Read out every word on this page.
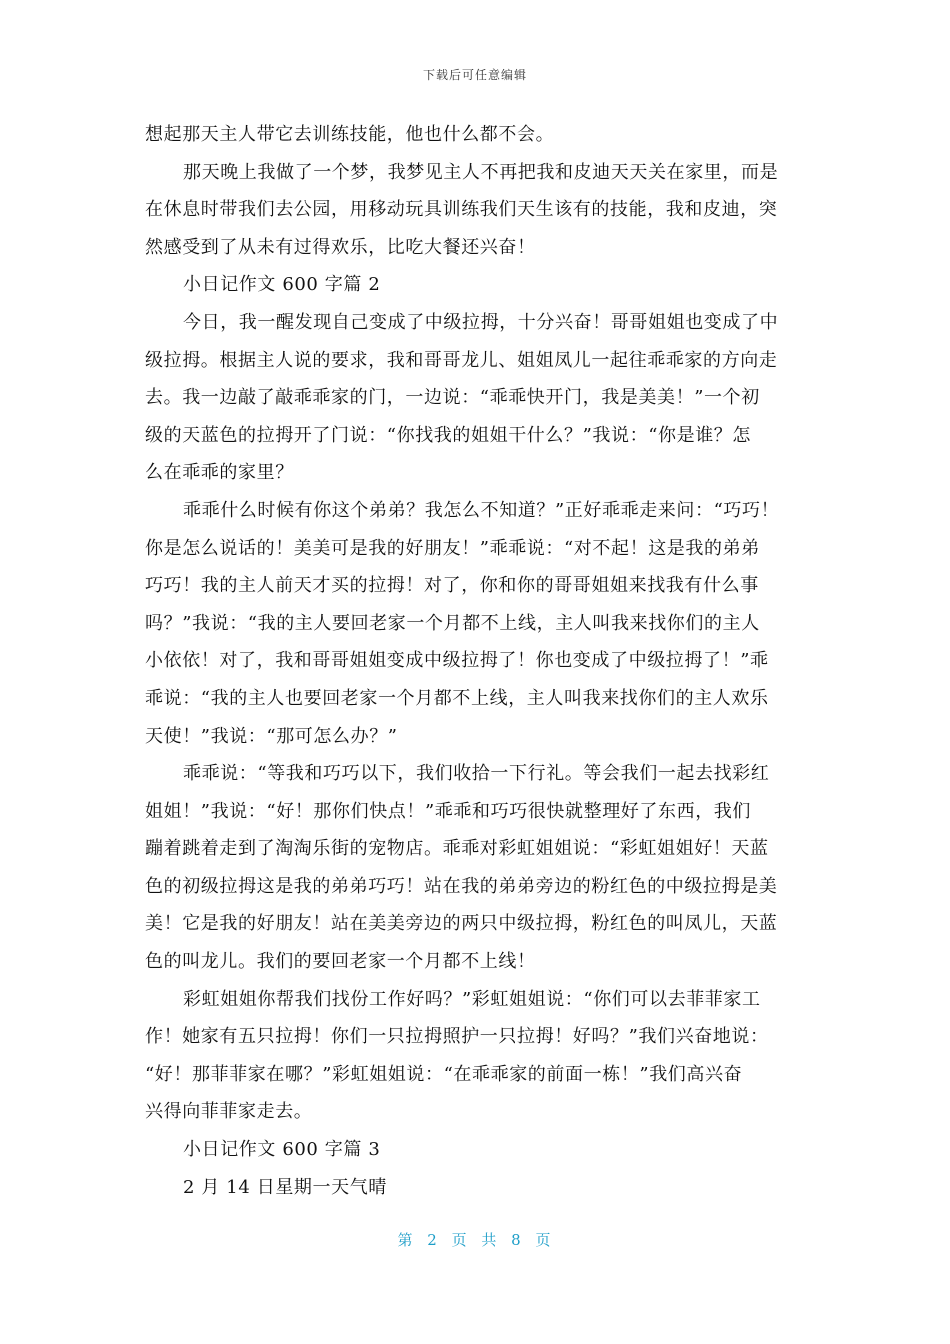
下载后可任意编辑
想起那天主人带它去训练技能，他也什么都不会。
那天晚上我做了一个梦，我梦见主人不再把我和皮迪天天关在家里，而是
在休息时带我们去公园，用移动玩具训练我们天生该有的技能，我和皮迪，突
然感受到了从未有过得欢乐，比吃大餐还兴奋！
小日记作文 600 字篇 2
今日，我一醒发现自己变成了中级拉拇，十分兴奋！哥哥姐姐也变成了中
级拉拇。根据主人说的要求，我和哥哥龙儿、姐姐凤儿一起往乖乖家的方向走
去。我一边敲了敲乖乖家的门，一边说：“乖乖快开门，我是美美！”一个初
级的天蓝色的拉拇开了门说：“你找我的姐姐干什么？”我说：“你是谁？怎
么在乖乖的家里？
乖乖什么时候有你这个弟弟？我怎么不知道？”正好乖乖走来问：“巧巧！
你是怎么说话的！美美可是我的好朋友！”乖乖说：“对不起！这是我的弟弟
巧巧！我的主人前天才买的拉拇！对了，你和你的哥哥姐姐来找我有什么事
吗？”我说：“我的主人要回老家一个月都不上线，主人叫我来找你们的主人
小依依！对了，我和哥哥姐姐变成中级拉拇了！你也变成了中级拉拇了！”乖
乖说：“我的主人也要回老家一个月都不上线，主人叫我来找你们的主人欢乐
天使！”我说：“那可怎么办？”
乖乖说：“等我和巧巧以下，我们收拾一下行礼。等会我们一起去找彩红
姐姐！”我说：“好！那你们快点！”乖乖和巧巧很快就整理好了东西，我们
蹦着跳着走到了淘淘乐街的宠物店。乖乖对彩虹姐姐说：“彩虹姐姐好！天蓝
色的初级拉拇这是我的弟弟巧巧！站在我的弟弟旁边的粉红色的中级拉拇是美
美！它是我的好朋友！站在美美旁边的两只中级拉拇，粉红色的叫凤儿，天蓝
色的叫龙儿。我们的要回老家一个月都不上线！
彩虹姐姐你帮我们找份工作好吗？”彩虹姐姐说：“你们可以去菲菲家工
作！她家有五只拉拇！你们一只拉拇照护一只拉拇！好吗？”我们兴奋地说：
“好！那菲菲家在哪？”彩虹姐姐说：“在乖乖家的前面一栋！”我们高兴奋
兴得向菲菲家走去。
小日记作文 600 字篇 3
2 月 14 日星期一天气晴
第 2 页 共 8 页
